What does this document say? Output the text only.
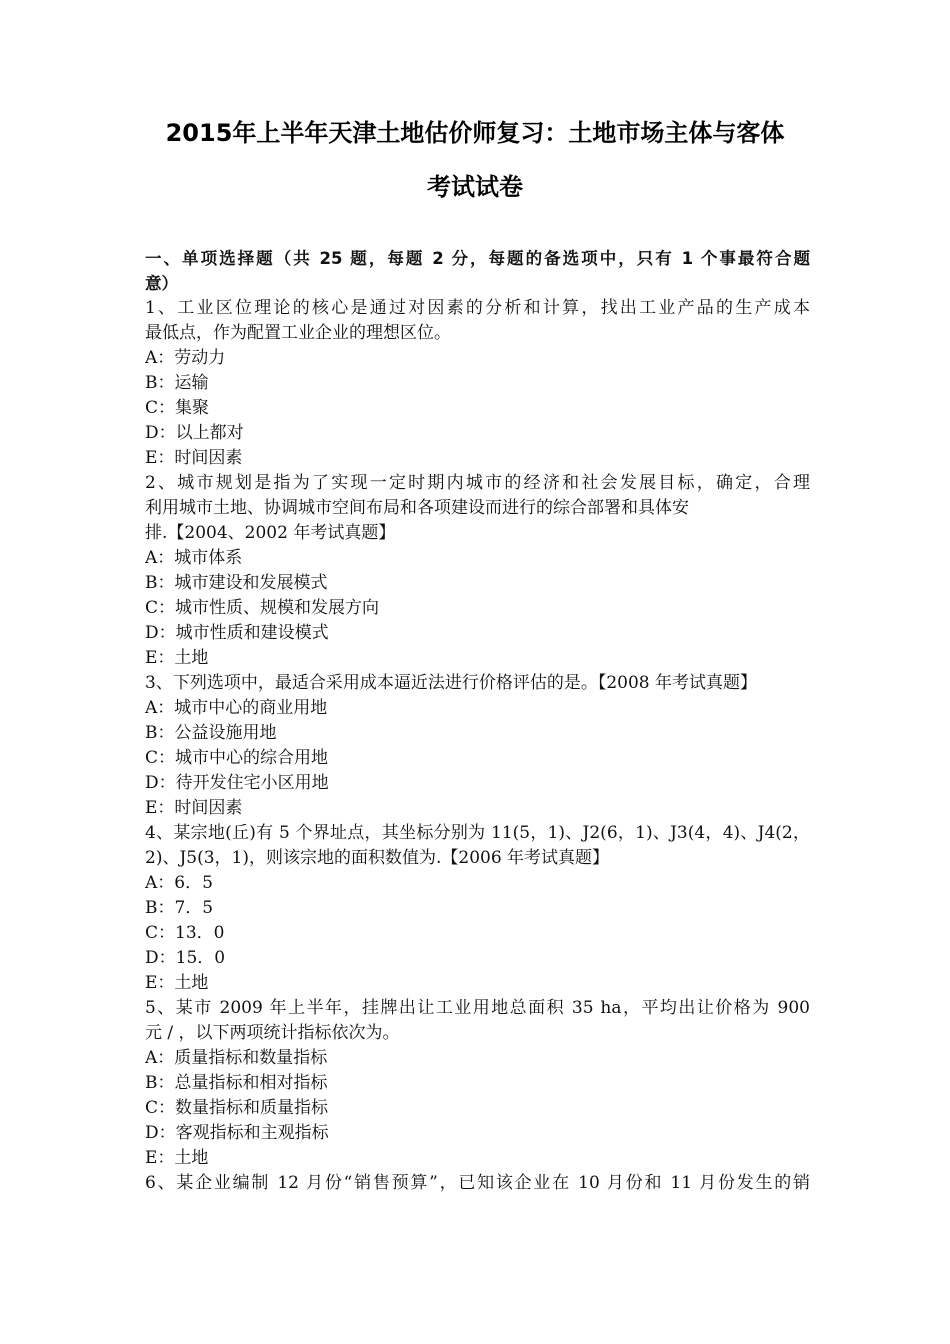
2015年上半年天津土地估价师复习：土地市场主体与客体
考试试卷
一、单项选择题（共 25 题，每题 2 分，每题的备选项中，只有 1 个事最符合题
意）
1、工业区位理论的核心是通过对因素的分析和计算，找出工业产品的生产成本
最低点，作为配置工业企业的理想区位。
A：劳动力
B：运输
C：集聚
D：以上都对
E：时间因素
2、城市规划是指为了实现一定时期内城市的经济和社会发展目标，确定，合理
利用城市土地、协调城市空间布局和各项建设而进行的综合部署和具体安
排.【2004、2002 年考试真题】
A：城市体系
B：城市建设和发展模式
C：城市性质、规模和发展方向
D：城市性质和建设模式
E：土地
3、下列选项中，最适合采用成本逼近法进行价格评估的是。【2008 年考试真题】
A：城市中心的商业用地
B：公益设施用地
C：城市中心的综合用地
D：待开发住宅小区用地
E：时间因素
4、某宗地(丘)有 5 个界址点，其坐标分别为 11(5，1)、J2(6，1)、J3(4，4)、J4(2，
2)、J5(3，1)，则该宗地的面积数值为.【2006 年考试真题】
A：6．5
B：7．5
C：13．0
D：15．0
E：土地
5、某市 2009 年上半年，挂牌出让工业用地总面积 35 ha，平均出让价格为 900
元 / ，以下两项统计指标依次为。
A：质量指标和数量指标
B：总量指标和相对指标
C：数量指标和质量指标
D：客观指标和主观指标
E：土地
6、某企业编制 12 月份“销售预算”，已知该企业在 10 月份和 11 月份发生的销
